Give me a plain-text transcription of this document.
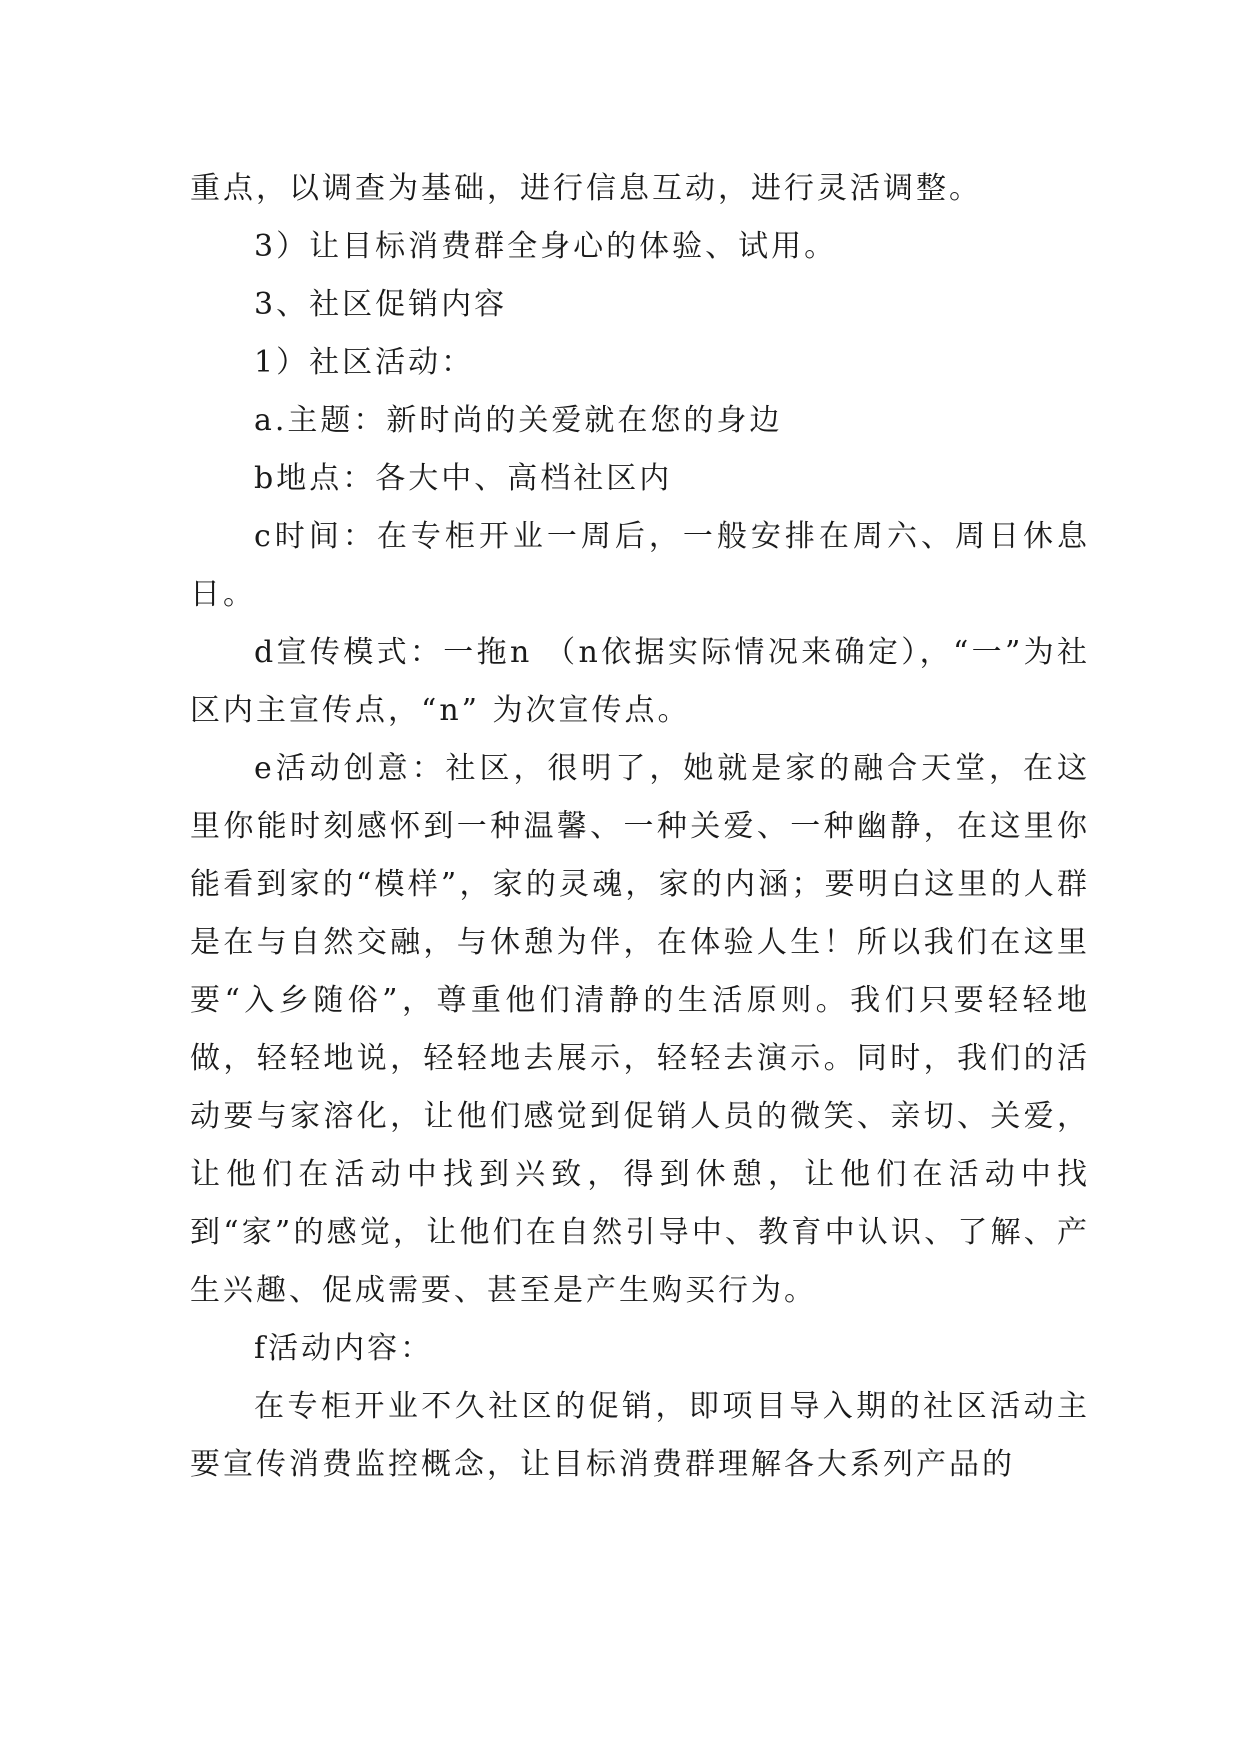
重点，以调查为基础，进行信息互动，进行灵活调整。

3）让目标消费群全身心的体验、试用。

3、社区促销内容

1）社区活动：

a.主题：新时尚的关爱就在您的身边

b地点：各大中、高档社区内

c时间：在专柜开业一周后，一般安排在周六、周日休息日。

d宣传模式：一拖n （n依据实际情况来确定），“一”为社区内主宣传点，“n” 为次宣传点。

e活动创意：社区，很明了，她就是家的融合天堂，在这里你能时刻感怀到一种温馨、一种关爱、一种幽静，在这里你能看到家的“模样”，家的灵魂，家的内涵；要明白这里的人群是在与自然交融，与休憩为伴，在体验人生！所以我们在这里要“入乡随俗”，尊重他们清静的生活原则。我们只要轻轻地做，轻轻地说，轻轻地去展示，轻轻去演示。同时，我们的活动要与家溶化，让他们感觉到促销人员的微笑、亲切、关爱，让他们在活动中找到兴致，得到休憩，让他们在活动中找到“家”的感觉，让他们在自然引导中、教育中认识、了解、产生兴趣、促成需要、甚至是产生购买行为。

f活动内容：

在专柜开业不久社区的促销，即项目导入期的社区活动主要宣传消费监控概念，让目标消费群理解各大系列产品的
